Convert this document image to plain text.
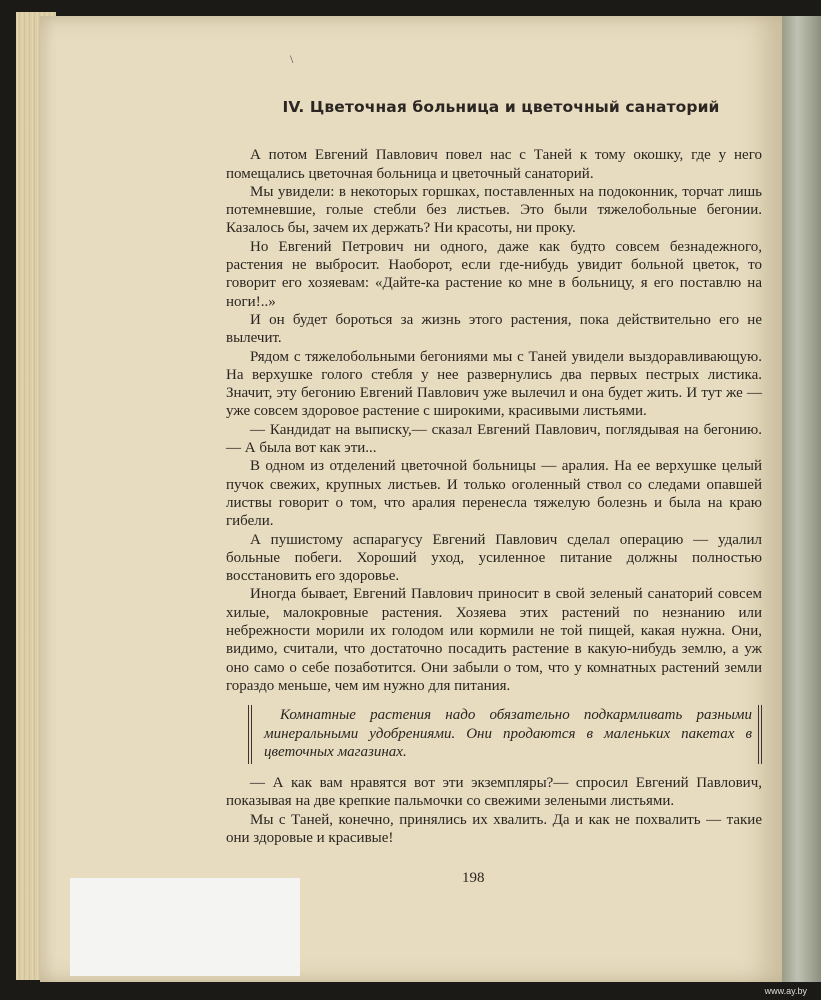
\
IV. Цветочная больница и цветочный санаторий

А потом Евгений Павлович повел нас с Таней к тому окошку, где у него помещались цветочная больница и цветочный санаторий.

Мы увидели: в некоторых горшках, поставленных на подоконник, торчат лишь потемневшие, голые стебли без листьев. Это были тяжелобольные бегонии. Казалось бы, зачем их держать? Ни красоты, ни проку.

Но Евгений Петрович ни одного, даже как будто совсем безнадежного, растения не выбросит. Наоборот, если где-нибудь увидит больной цветок, то говорит его хозяевам: «Дайте-ка растение ко мне в больницу, я его поставлю на ноги!..»

И он будет бороться за жизнь этого растения, пока действительно его не вылечит.

Рядом с тяжелобольными бегониями мы с Таней увидели выздоравливающую. На верхушке голого стебля у нее развернулись два первых пестрых листика. Значит, эту бегонию Евгений Павлович уже вылечил и она будет жить. И тут же — уже совсем здоровое растение с широкими, красивыми листьями.

— Кандидат на выписку,— сказал Евгений Павлович, поглядывая на бегонию.— А была вот как эти...

В одном из отделений цветочной больницы — аралия. На ее верхушке целый пучок свежих, крупных листьев. И только оголенный ствол со следами опавшей листвы говорит о том, что аралия перенесла тяжелую болезнь и была на краю гибели.

А пушистому аспарагусу Евгений Павлович сделал операцию — удалил больные побеги. Хороший уход, усиленное питание должны полностью восстановить его здоровье.

Иногда бывает, Евгений Павлович приносит в свой зеленый санаторий совсем хилые, малокровные растения. Хозяева этих растений по незнанию или небрежности морили их голодом или кормили не той пищей, какая нужна. Они, видимо, считали, что достаточно посадить растение в какую-нибудь землю, а уж оно само о себе позаботится. Они забыли о том, что у комнатных растений земли гораздо меньше, чем им нужно для питания.

Комнатные растения надо обязательно подкармливать разными минеральными удобрениями. Они продаются в маленьких пакетах в цветочных магазинах.

— А как вам нравятся вот эти экземпляры?— спросил Евгений Павлович, показывая на две крепкие пальмочки со свежими зелеными листьями.

Мы с Таней, конечно, принялись их хвалить. Да и как не похвалить — такие они здоровые и красивые!

198
www.ay.by
